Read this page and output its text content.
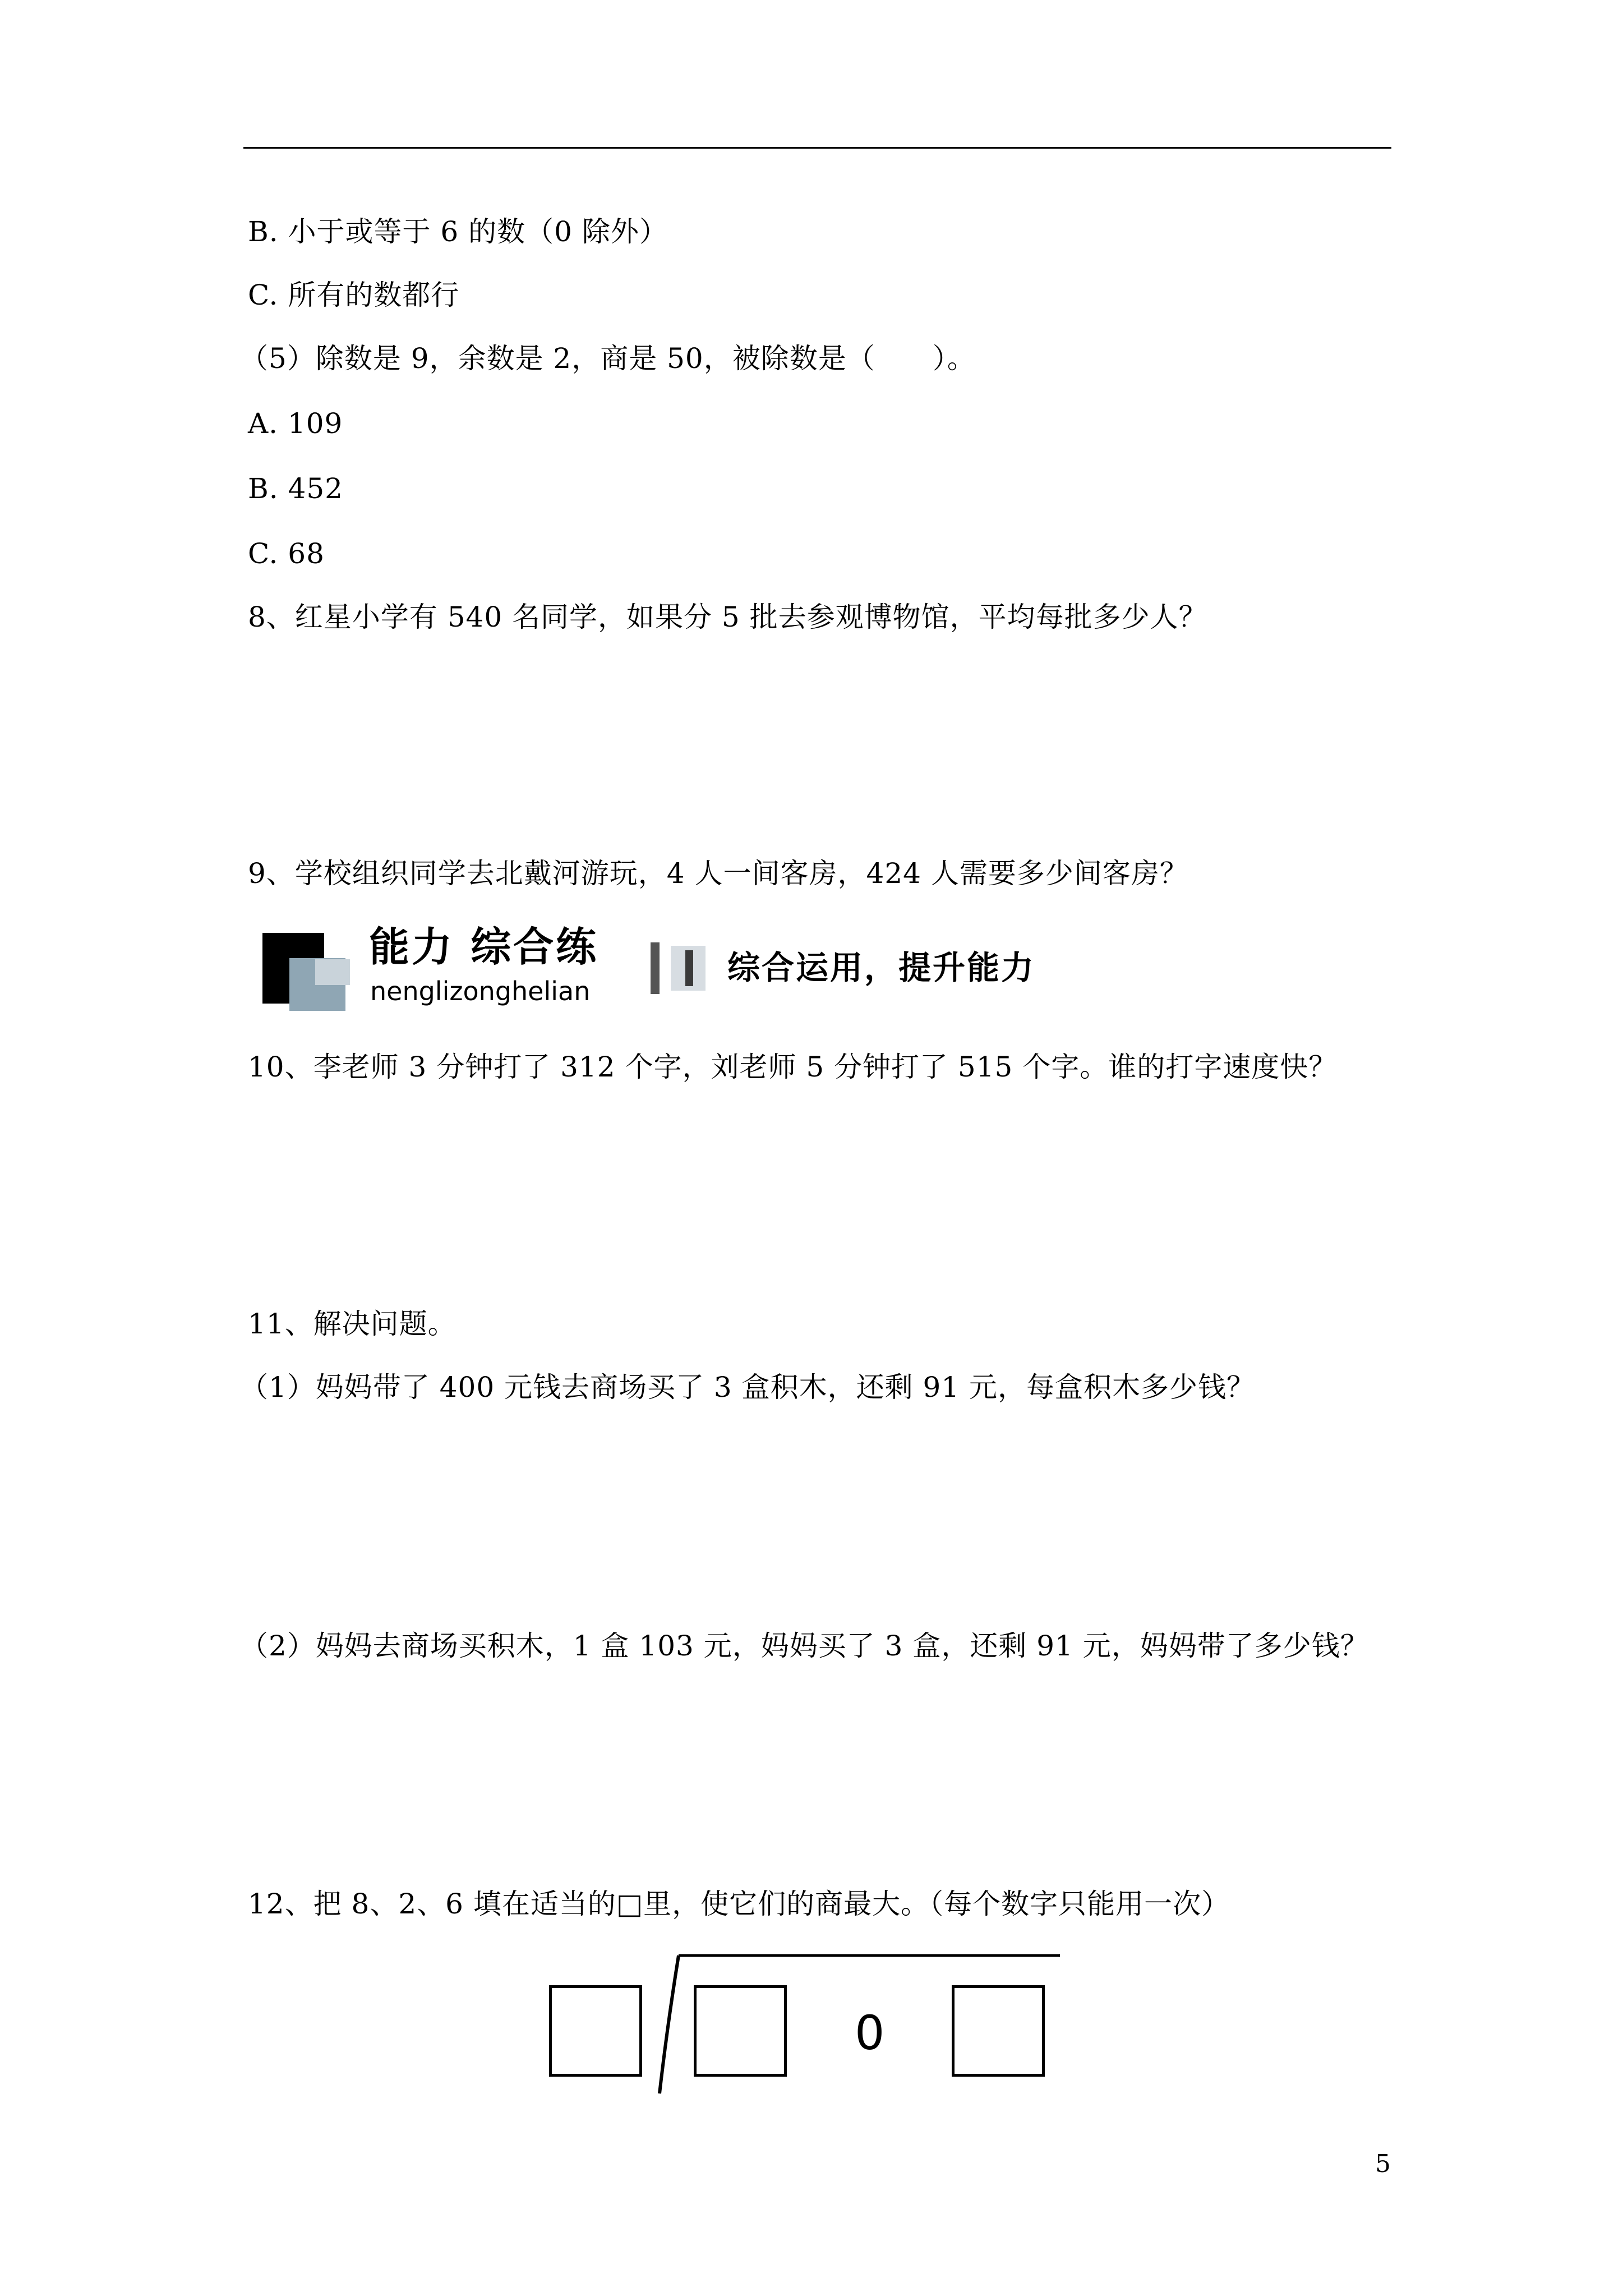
B. 小于或等于 6 的数（0 除外）
C. 所有的数都行
（5）除数是 9，余数是 2，商是 50，被除数是（　　）。
A. 109
B. 452
C. 68
8、红星小学有 540 名同学，如果分 5 批去参观博物馆，平均每批多少人？
9、学校组织同学去北戴河游玩，4 人一间客房，424 人需要多少间客房？
能力 综合练
nenglizonghelian
综合运用，提升能力
10、李老师 3 分钟打了 312 个字，刘老师 5 分钟打了 515 个字。谁的打字速度快？
11、解决问题。
（1）妈妈带了 400 元钱去商场买了 3 盒积木，还剩 91 元，每盒积木多少钱？
（2）妈妈去商场买积木，1 盒 103 元，妈妈买了 3 盒，还剩 91 元，妈妈带了多少钱？
12、把 8、2、6 填在适当的□里，使它们的商最大。（每个数字只能用一次）
0
5
